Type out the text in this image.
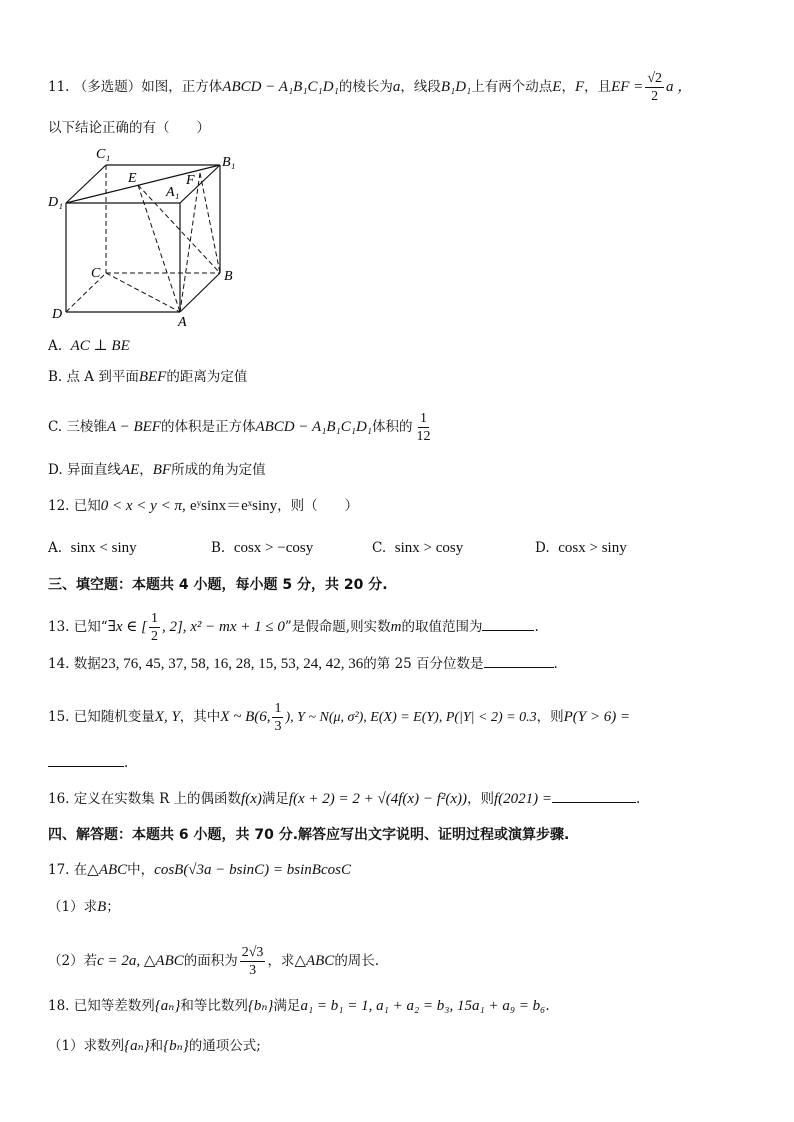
11. （多选题）如图，正方体ABCD − A₁B₁C₁D₁的棱长为a，线段B₁D₁上有两个动点E，F，且EF = $\frac{√2}{2}$ a ，
以下结论正确的有（　　）
C₁
B₁
D₁
A₁
E	F
C	B
D
A
A. AC ⊥ BE
B. 点 A 到平面BEF的距离为定值
C. 三棱锥A − BEF的体积是正方体ABCD − A₁B₁C₁D₁体积的 $\frac{1}{12}$
D. 异面直线AE，BF所成的角为定值
12. 已知0 < x < y < π, eʸsinx＝eˣsiny，则（　　）
A. sinx < siny	B. cosx > −cosy	C. sinx > cosy	D. cosx > siny
三、填空题：本题共 4 小题，每小题 5 分，共 20 分.
13. 已知“∃x ∈ [ $\frac{1}{2}$ , 2], x² − mx + 1 ≤ 0”是假命题,则实数m的取值范围为	.
14. 数据23, 76, 45, 37, 58, 16, 28, 15, 53, 24, 42, 36的第 25 百分位数是	.
15. 已知随机变量X, Y，其中X ~ B(6, $\frac{1}{3}$ ), Y ~ N(μ, σ²), E(X) = E(Y), P(|Y| < 2) = 0.3，则P(Y > 6) =
.
16. 定义在实数集 R 上的偶函数f(x)满足f(x + 2) = 2 + √(4f(x) − f²(x))，则f(2021) =	.
四、解答题：本题共 6 小题，共 70 分.解答应写出文字说明、证明过程或演算步骤.
17. 在△ABC中，cosB(√3a − bsinC) = bsinBcosC
（1）求B；
（2）若c = 2a, △ABC的面积为 $\frac{2√3}{3}$ ，求△ABC的周长.
18. 已知等差数列{aₙ}和等比数列{bₙ}满足a₁ = b₁ = 1, a₁ + a₂ = b₃, 15a₁ + a₉ = b₆.
（1）求数列{aₙ}和{bₙ}的通项公式;
